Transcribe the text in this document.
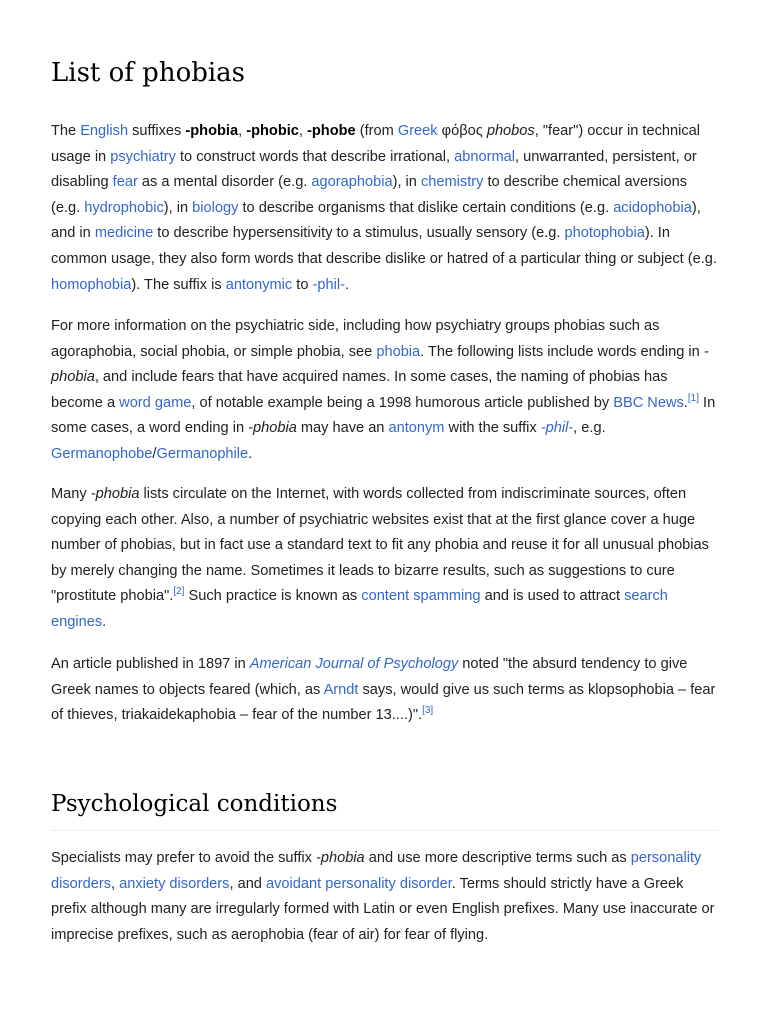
List of phobias

The English suffixes -phobia, -phobic, -phobe (from Greek φόβος phobos, "fear") occur in technical usage in psychiatry to construct words that describe irrational, abnormal, unwarranted, persistent, or disabling fear as a mental disorder (e.g. agoraphobia), in chemistry to describe chemical aversions (e.g. hydrophobic), in biology to describe organisms that dislike certain conditions (e.g. acidophobia), and in medicine to describe hypersensitivity to a stimulus, usually sensory (e.g. photophobia). In common usage, they also form words that describe dislike or hatred of a particular thing or subject (e.g. homophobia). The suffix is antonymic to -phil-.

For more information on the psychiatric side, including how psychiatry groups phobias such as agoraphobia, social phobia, or simple phobia, see phobia. The following lists include words ending in -phobia, and include fears that have acquired names. In some cases, the naming of phobias has become a word game, of notable example being a 1998 humorous article published by BBC News.[1] In some cases, a word ending in -phobia may have an antonym with the suffix -phil-, e.g. Germanophobe/Germanophile.

Many -phobia lists circulate on the Internet, with words collected from indiscriminate sources, often copying each other. Also, a number of psychiatric websites exist that at the first glance cover a huge number of phobias, but in fact use a standard text to fit any phobia and reuse it for all unusual phobias by merely changing the name. Sometimes it leads to bizarre results, such as suggestions to cure "prostitute phobia".[2] Such practice is known as content spamming and is used to attract search engines.

An article published in 1897 in American Journal of Psychology noted "the absurd tendency to give Greek names to objects feared (which, as Arndt says, would give us such terms as klopsophobia – fear of thieves, triakaidekaphobia – fear of the number 13....)".[3]

Psychological conditions

Specialists may prefer to avoid the suffix -phobia and use more descriptive terms such as personality disorders, anxiety disorders, and avoidant personality disorder. Terms should strictly have a Greek prefix although many are irregularly formed with Latin or even English prefixes. Many use inaccurate or imprecise prefixes, such as aerophobia (fear of air) for fear of flying.
